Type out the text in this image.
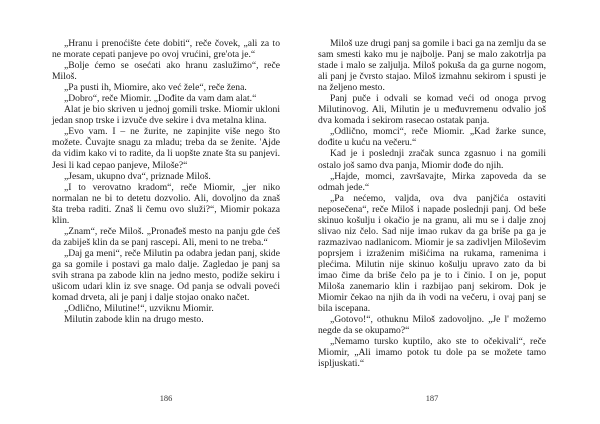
„Hranu i prenoćište ćete dobiti“, reče čovek, „ali za to ne morate cepati panjeve po ovoj vrućini, gre'ota je.“

„Bolje ćemo se osećati ako hranu zaslužimo“, reče Miloš.

„Pa pusti ih, Miomire, ako već žele“, reče žena.

„Dobro“, reče Miomir. „Dođite da vam dam alat.“

Alat je bio skriven u jednoj gomili trske. Miomir ukloni jedan snop trske i izvuče dve sekire i dva metalna klina.

„Evo vam. I – ne žurite, ne zapinjite više nego što možete. Čuvajte snagu za mladu; treba da se ženite. 'Ajde da vidim kako vi to radite, da li uopšte znate šta su panjevi. Jesi li kad cepao panjeve, Miloše?“

„Jesam, ukupno dva“, priznade Miloš.

„I to verovatno kradom“, reče Miomir, „jer niko normalan ne bi to detetu dozvolio. Ali, dovoljno da znaš šta treba raditi. Znaš li čemu ovo služi?“, Miomir pokaza klin.

„Znam“, reče Miloš. „Pronađeš mesto na panju gde ćeš da zabiješ klin da se panj rascepi. Ali, meni to ne treba.“

„Daj ga meni“, reče Milutin pa odabra jedan panj, skide ga sa gomile i postavi ga malo dalje. Zagledao je panj sa svih strana pa zabode klin na jedno mesto, podiže sekiru i ušicom udari klin iz sve snage. Od panja se odvali poveći komad drveta, ali je panj i dalje stojao onako načet.

„Odlično, Milutine!“, uzviknu Miomir.

Milutin zabode klin na drugo mesto.

186

Miloš uze drugi panj sa gomile i baci ga na zemlju da se sam smesti kako mu je najbolje. Panj se malo zakotrlja pa stade i malo se zaljulja. Miloš pokuša da ga gurne nogom, ali panj je čvrsto stajao. Miloš izmahnu sekirom i spusti je na željeno mesto.

Panj puče i odvali se komad veći od onoga prvog Milutinovog. Ali, Milutin je u međuvremenu odvalio još dva komada i sekirom rasecao ostatak panja.

„Odlično, momci“, reče Miomir. „Kad žarke sunce, dođite u kuću na večeru.“

Kad je i poslednji zračak sunca zgasnuo i na gomili ostalo još samo dva panja, Miomir dođe do njih.

„Hajde, momci, završavajte, Mirka zapoveda da se odmah jede.“

„Pa nećemo, valjda, ova dva panjčića ostaviti neposečena“, reče Miloš i napade poslednji panj. Od beše skinuo košulju i okačio je na granu, ali mu se i dalje znoj slivao niz čelo. Sad nije imao rukav da ga briše pa ga je razmazivao nadlanicom. Miomir je sa zadivljen Miloševim poprsjem i izraženim mišićima na rukama, ramenima i plećima. Milutin nije skinuo košulju upravo zato da bi imao čime da briše čelo pa je to i činio. I on je, poput Miloša zanemario klin i razbijao panj sekirom. Dok je Miomir čekao na njih da ih vodi na večeru, i ovaj panj se bila iscepana.

„Gotovo!“, othuknu Miloš zadovoljno. „Je l' možemo negde da se okupamo?“

„Nemamo tursko kuptilo, ako ste to očekivali“, reče Miomir, „Ali imamo potok tu dole pa se možete tamo ispljuskati.“

187
